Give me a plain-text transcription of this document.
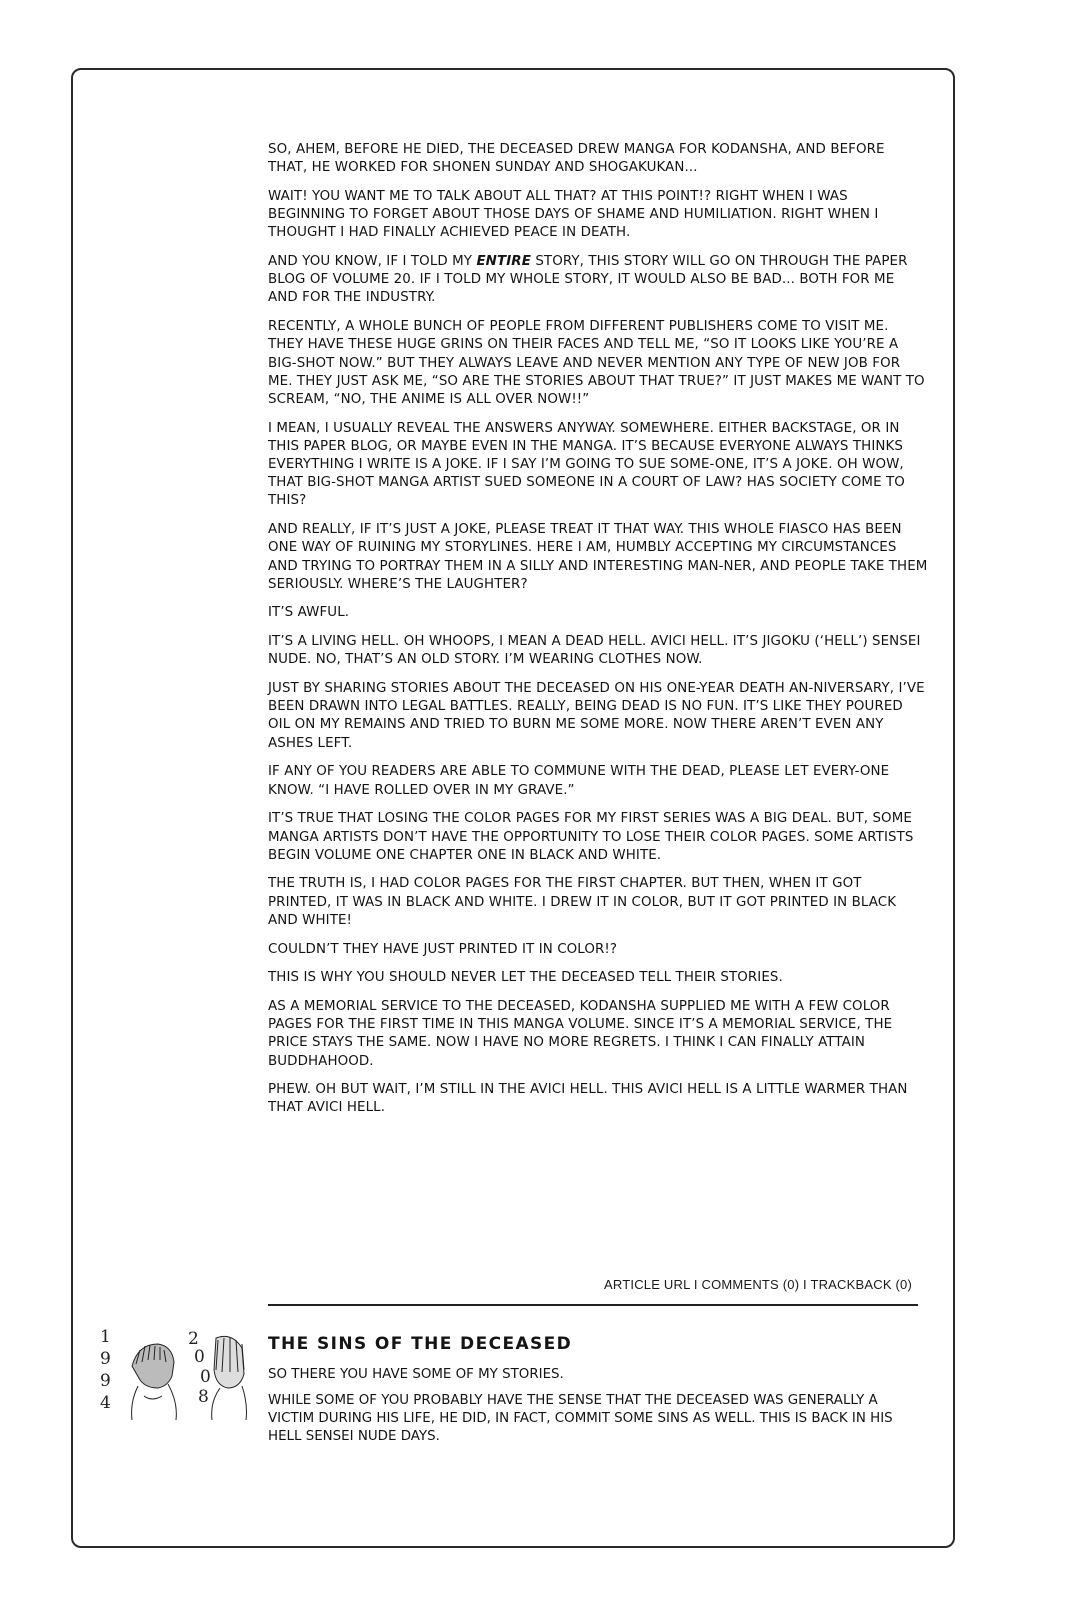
SO, AHEM, BEFORE HE DIED, THE DECEASED DREW MANGA FOR KODANSHA, AND BEFORE THAT, HE WORKED FOR SHONEN SUNDAY AND SHOGAKUKAN...

WAIT! YOU WANT ME TO TALK ABOUT ALL THAT? AT THIS POINT!? RIGHT WHEN I WAS BEGINNING TO FORGET ABOUT THOSE DAYS OF SHAME AND HUMILIATION. RIGHT WHEN I THOUGHT I HAD FINALLY ACHIEVED PEACE IN DEATH.

AND YOU KNOW, IF I TOLD MY ENTIRE STORY, THIS STORY WILL GO ON THROUGH THE PAPER BLOG OF VOLUME 20. IF I TOLD MY WHOLE STORY, IT WOULD ALSO BE BAD... BOTH FOR ME AND FOR THE INDUSTRY.

RECENTLY, A WHOLE BUNCH OF PEOPLE FROM DIFFERENT PUBLISHERS COME TO VISIT ME. THEY HAVE THESE HUGE GRINS ON THEIR FACES AND TELL ME, “SO IT LOOKS LIKE YOU’RE A BIG-SHOT NOW.” BUT THEY ALWAYS LEAVE AND NEVER MENTION ANY TYPE OF NEW JOB FOR ME. THEY JUST ASK ME, “SO ARE THE STORIES ABOUT THAT TRUE?” IT JUST MAKES ME WANT TO SCREAM, “NO, THE ANIME IS ALL OVER NOW!!”

I MEAN, I USUALLY REVEAL THE ANSWERS ANYWAY. SOMEWHERE. EITHER BACKSTAGE, OR IN THIS PAPER BLOG, OR MAYBE EVEN IN THE MANGA. IT’S BECAUSE EVERYONE ALWAYS THINKS EVERYTHING I WRITE IS A JOKE. IF I SAY I’M GOING TO SUE SOME-ONE, IT’S A JOKE. OH WOW, THAT BIG-SHOT MANGA ARTIST SUED SOMEONE IN A COURT OF LAW? HAS SOCIETY COME TO THIS?

AND REALLY, IF IT’S JUST A JOKE, PLEASE TREAT IT THAT WAY. THIS WHOLE FIASCO HAS BEEN ONE WAY OF RUINING MY STORYLINES. HERE I AM, HUMBLY ACCEPTING MY CIRCUMSTANCES AND TRYING TO PORTRAY THEM IN A SILLY AND INTERESTING MAN-NER, AND PEOPLE TAKE THEM SERIOUSLY. WHERE’S THE LAUGHTER?

IT’S AWFUL.

IT’S A LIVING HELL. OH WHOOPS, I MEAN A DEAD HELL. AVICI HELL. IT’S JIGOKU (‘HELL’) SENSEI NUDE. NO, THAT’S AN OLD STORY. I’M WEARING CLOTHES NOW.

JUST BY SHARING STORIES ABOUT THE DECEASED ON HIS ONE-YEAR DEATH AN-NIVERSARY, I’VE BEEN DRAWN INTO LEGAL BATTLES. REALLY, BEING DEAD IS NO FUN. IT’S LIKE THEY POURED OIL ON MY REMAINS AND TRIED TO BURN ME SOME MORE. NOW THERE AREN’T EVEN ANY ASHES LEFT.

IF ANY OF YOU READERS ARE ABLE TO COMMUNE WITH THE DEAD, PLEASE LET EVERY-ONE KNOW. “I HAVE ROLLED OVER IN MY GRAVE.”

IT’S TRUE THAT LOSING THE COLOR PAGES FOR MY FIRST SERIES WAS A BIG DEAL. BUT, SOME MANGA ARTISTS DON’T HAVE THE OPPORTUNITY TO LOSE THEIR COLOR PAGES. SOME ARTISTS BEGIN VOLUME ONE CHAPTER ONE IN BLACK AND WHITE.

THE TRUTH IS, I HAD COLOR PAGES FOR THE FIRST CHAPTER. BUT THEN, WHEN IT GOT PRINTED, IT WAS IN BLACK AND WHITE. I DREW IT IN COLOR, BUT IT GOT PRINTED IN BLACK AND WHITE!

COULDN’T THEY HAVE JUST PRINTED IT IN COLOR!?

THIS IS WHY YOU SHOULD NEVER LET THE DECEASED TELL THEIR STORIES.

AS A MEMORIAL SERVICE TO THE DECEASED, KODANSHA SUPPLIED ME WITH A FEW COLOR PAGES FOR THE FIRST TIME IN THIS MANGA VOLUME. SINCE IT’S A MEMORIAL SERVICE, THE PRICE STAYS THE SAME. NOW I HAVE NO MORE REGRETS. I THINK I CAN FINALLY ATTAIN BUDDHAHOOD.

PHEW. OH BUT WAIT, I’M STILL IN THE AVICI HELL. THIS AVICI HELL IS A LITTLE WARMER THAN THAT AVICI HELL.

ARTICLE URL I COMMENTS (0) I TRACKBACK (0)
1
9
9
4
2
0
0
8
THE SINS OF THE DECEASED

SO THERE YOU HAVE SOME OF MY STORIES.

WHILE SOME OF YOU PROBABLY HAVE THE SENSE THAT THE DECEASED WAS GENERALLY A VICTIM DURING HIS LIFE, HE DID, IN FACT, COMMIT SOME SINS AS WELL. THIS IS BACK IN HIS HELL SENSEI NUDE DAYS.
